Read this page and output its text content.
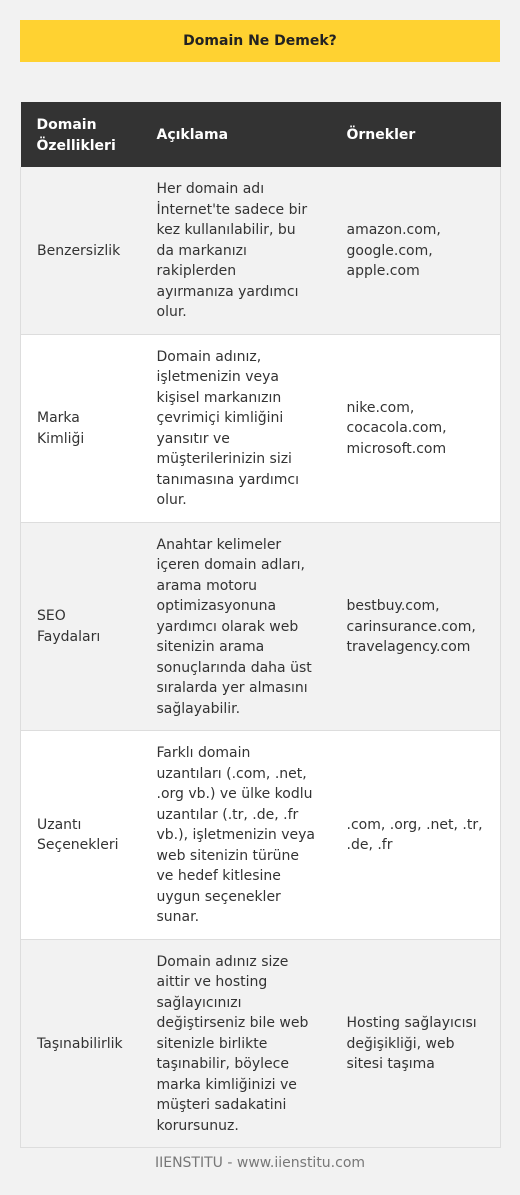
Domain Ne Demek?
Domain Özellikleri	Açıklama	Örnekler
Benzersizlik	Her domain adı İnternet'te sadece bir kez kullanılabilir, bu da markanızı rakiplerden ayırmanıza yardımcı olur.	amazon.com, google.com, apple.com
Marka Kimliği	Domain adınız, işletmenizin veya kişisel markanızın çevrimiçi kimliğini yansıtır ve müşterilerinizin sizi tanımasına yardımcı olur.	nike.com, cocacola.com, microsoft.com
SEO Faydaları	Anahtar kelimeler içeren domain adları, arama motoru optimizasyonuna yardımcı olarak web sitenizin arama sonuçlarında daha üst sıralarda yer almasını sağlayabilir.	bestbuy.com, carinsurance.com, travelagency.com
Uzantı Seçenekleri	Farklı domain uzantıları (.com, .net, .org vb.) ve ülke kodlu uzantılar (.tr, .de, .fr vb.), işletmenizin veya web sitenizin türüne ve hedef kitlesine uygun seçenekler sunar.	.com, .org, .net, .tr, .de, .fr
Taşınabilirlik	Domain adınız size aittir ve hosting sağlayıcınızı değiştirseniz bile web sitenizle birlikte taşınabilir, böylece marka kimliğinizi ve müşteri sadakatini korursunuz.	Hosting sağlayıcısı değişikliği, web sitesi taşıma
IIENSTITU - www.iienstitu.com
